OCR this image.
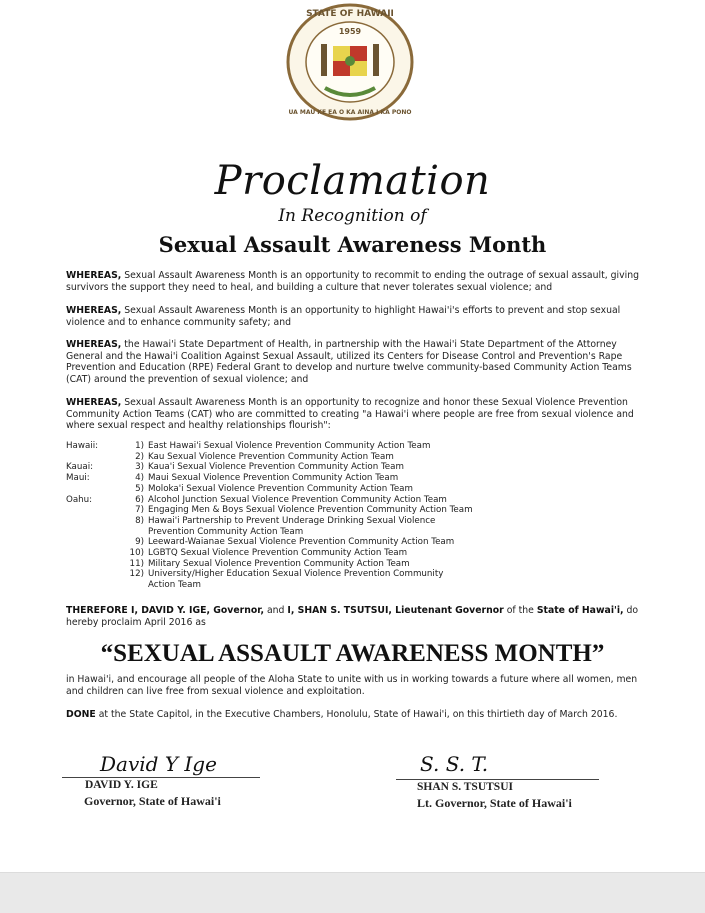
1959
STATE OF HAWAII
UA MAU KE EA O KA AINA I KA PONO
Proclamation
In Recognition of
Sexual Assault Awareness Month
WHEREAS, Sexual Assault Awareness Month is an opportunity to recommit to ending the outrage of sexual assault, giving survivors the support they need to heal, and building a culture that never tolerates sexual violence; and
WHEREAS, Sexual Assault Awareness Month is an opportunity to highlight Hawai'i's efforts to prevent and stop sexual violence and to enhance community safety; and
WHEREAS, the Hawai'i State Department of Health, in partnership with the Hawai'i State Department of the Attorney General and the Hawai'i Coalition Against Sexual Assault, utilized its Centers for Disease Control and Prevention's Rape Prevention and Education (RPE) Federal Grant to develop and nurture twelve community-based Community Action Teams (CAT) around the prevention of sexual violence; and
WHEREAS, Sexual Assault Awareness Month is an opportunity to recognize and honor these Sexual Violence Prevention Community Action Teams (CAT) who are committed to creating "a Hawai'i where people are free from sexual violence and where sexual respect and healthy relationships flourish":
Hawaii:	1) East Hawai'i Sexual Violence Prevention Community Action Team
2) Kau Sexual Violence Prevention Community Action Team
Kauai:	3) Kaua'i Sexual Violence Prevention Community Action Team
Maui:	4) Maui Sexual Violence Prevention Community Action Team
5) Moloka'i Sexual Violence Prevention Community Action Team
Oahu:	6) Alcohol Junction Sexual Violence Prevention Community Action Team
7) Engaging Men & Boys Sexual Violence Prevention Community Action Team
8) Hawai'i Partnership to Prevent Underage Drinking Sexual Violence Prevention Community Action Team
9) Leeward-Waianae Sexual Violence Prevention Community Action Team
10) LGBTQ Sexual Violence Prevention Community Action Team
11) Military Sexual Violence Prevention Community Action Team
12) University/Higher Education Sexual Violence Prevention Community Action Team
THEREFORE I, DAVID Y. IGE, Governor, and I, SHAN S. TSUTSUI, Lieutenant Governor of the State of Hawai'i, do hereby proclaim April 2016 as
“SEXUAL ASSAULT AWARENESS MONTH”
in Hawai'i, and encourage all people of the Aloha State to unite with us in working towards a future where all women, men and children can live free from sexual violence and exploitation.
DONE at the State Capitol, in the Executive Chambers, Honolulu, State of Hawai'i, on this thirtieth day of March 2016.
David Y Ige
DAVID Y. IGE
Governor, State of Hawai'i
S. S. T.
SHAN S. TSUTSUI
Lt. Governor, State of Hawai'i
